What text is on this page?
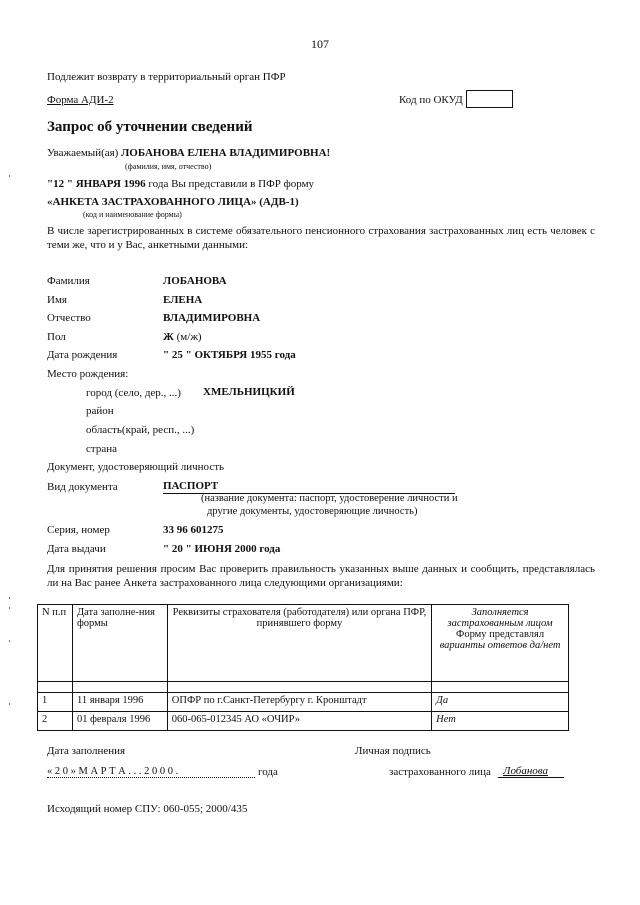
107
Подлежит возврату в территориальный орган ПФР
Форма АДИ-2	Код по ОКУД
Запрос об уточнении сведений
Уважаемый(ая) ЛОБАНОВА ЕЛЕНА ВЛАДИМИРОВНА!
(фамилия, имя, отчество)
"12 " ЯНВАРЯ 1996 года Вы представили в ПФР форму
«АНКЕТА ЗАСТРАХОВАННОГО ЛИЦА» (АДВ-1)
(код и наименование формы)
В числе зарегистрированных в системе обязательного пенсионного страхования застрахованных лиц есть человек с теми же, что и у Вас, анкетными данными:
Фамилия	ЛОБАНОВА
Имя	ЕЛЕНА
Отчество	ВЛАДИМИРОВНА
Пол	Ж (м/ж)
Дата рождения	" 25 " ОКТЯБРЯ 1955 года
Место рождения:
город (село, дер., ...) ХМЕЛЬНИЦКИЙ
район
область(край, респ., ...)
страна
Документ, удостоверяющий личность
Вид документа	ПАСПОРТ
(название документа: паспорт, удостоверение личности и
другие документы, удостоверяющие личность)
Серия, номер	33 96 601275
Дата выдачи	" 20 " ИЮНЯ 2000 года
Для принятия решения просим Вас проверить правильность указанных выше данных и сообщить, представлялась ли на Вас ранее Анкета застрахованного лица следующими организациями:
N п.п	Дата заполне-ния формы	Реквизиты страхователя (работодателя) или органа ПФР, принявшего форму	Заполняется застрахованным лицом
Форму представлял
варианты ответов да/нет

1	11 января 1996	ОПФР по г.Санкт-Петербургу г. Кронштадт	Да
2	01 февраля 1996	060-065-012345 АО «ОЧИР»	Нет
Дата заполнения	Личная подпись
« 2 0 » М А Р Т А . . . 2 0 0 0 .	года	застрахованного лица Лобанова
Исходящий номер СПУ: 060-055; 2000/435
